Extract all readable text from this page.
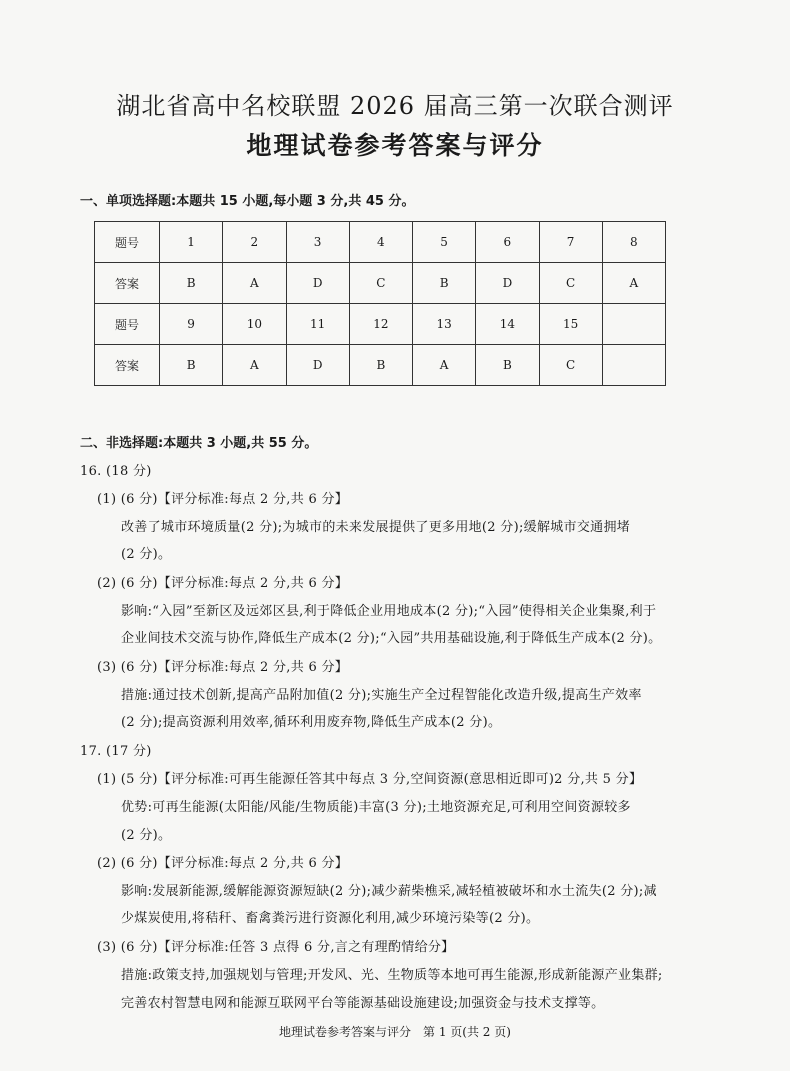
湖北省高中名校联盟 2026 届高三第一次联合测评
地理试卷参考答案与评分
一、单项选择题:本题共 15 小题,每小题 3 分,共 45 分。
题号	1	2	3	4	5	6	7	8
答案	B	A	D	C	B	D	C	A
题号	9	10	11	12	13	14	15	
答案	B	A	D	B	A	B	C	
二、非选择题:本题共 3 小题,共 55 分。
16. (18 分)
(1) (6 分)【评分标准:每点 2 分,共 6 分】
改善了城市环境质量(2 分);为城市的未来发展提供了更多用地(2 分);缓解城市交通拥堵
(2 分)。
(2) (6 分)【评分标准:每点 2 分,共 6 分】
影响:“入园”至新区及远郊区县,利于降低企业用地成本(2 分);“入园”使得相关企业集聚,利于
企业间技术交流与协作,降低生产成本(2 分);“入园”共用基础设施,利于降低生产成本(2 分)。
(3) (6 分)【评分标准:每点 2 分,共 6 分】
措施:通过技术创新,提高产品附加值(2 分);实施生产全过程智能化改造升级,提高生产效率
(2 分);提高资源利用效率,循环利用废弃物,降低生产成本(2 分)。
17. (17 分)
(1) (5 分)【评分标准:可再生能源任答其中每点 3 分,空间资源(意思相近即可)2 分,共 5 分】
优势:可再生能源(太阳能/风能/生物质能)丰富(3 分);土地资源充足,可利用空间资源较多
(2 分)。
(2) (6 分)【评分标准:每点 2 分,共 6 分】
影响:发展新能源,缓解能源资源短缺(2 分);减少薪柴樵采,减轻植被破坏和水土流失(2 分);减
少煤炭使用,将秸秆、畜禽粪污进行资源化利用,减少环境污染等(2 分)。
(3) (6 分)【评分标准:任答 3 点得 6 分,言之有理酌情给分】
措施:政策支持,加强规划与管理;开发风、光、生物质等本地可再生能源,形成新能源产业集群;
完善农村智慧电网和能源互联网平台等能源基础设施建设;加强资金与技术支撑等。
地理试卷参考答案与评分　第 1 页(共 2 页)
